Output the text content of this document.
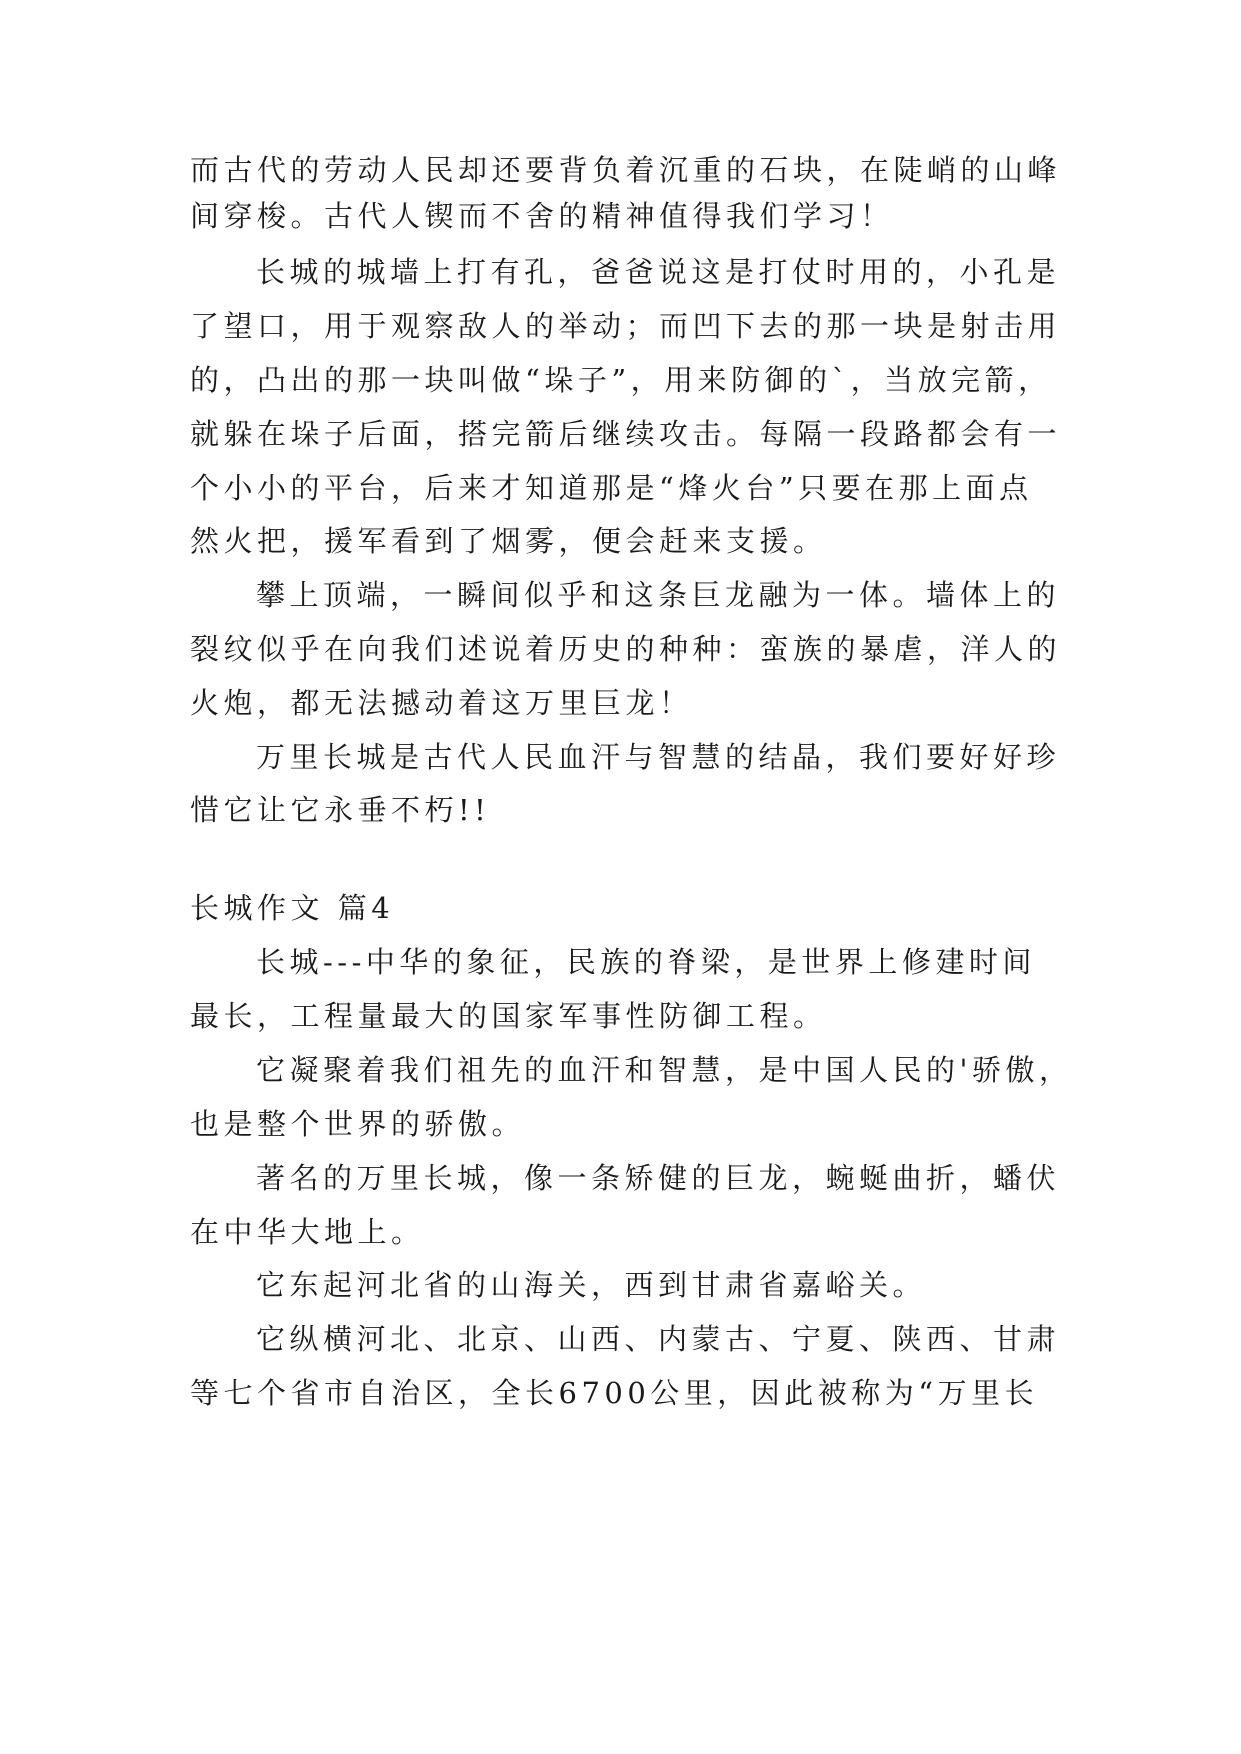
而古代的劳动人民却还要背负着沉重的石块，在陡峭的山峰

间穿梭。古代人锲而不舍的精神值得我们学习！

长城的城墙上打有孔，爸爸说这是打仗时用的，小孔是

了望口，用于观察敌人的举动；而凹下去的那一块是射击用

的，凸出的那一块叫做“垛子”，用来防御的`，当放完箭，

就躲在垛子后面，搭完箭后继续攻击。每隔一段路都会有一

个小小的平台，后来才知道那是“烽火台”只要在那上面点

然火把，援军看到了烟雾，便会赶来支援。

攀上顶端，一瞬间似乎和这条巨龙融为一体。墙体上的

裂纹似乎在向我们述说着历史的种种：蛮族的暴虐，洋人的

火炮，都无法撼动着这万里巨龙！

万里长城是古代人民血汗与智慧的结晶，我们要好好珍

惜它让它永垂不朽!!

长城作文 篇4

长城---中华的象征，民族的脊梁，是世界上修建时间

最长，工程量最大的国家军事性防御工程。

它凝聚着我们祖先的血汗和智慧，是中国人民的'骄傲，

也是整个世界的骄傲。

著名的万里长城，像一条矫健的巨龙，蜿蜒曲折，蟠伏

在中华大地上。

它东起河北省的山海关，西到甘肃省嘉峪关。

它纵横河北、北京、山西、内蒙古、宁夏、陕西、甘肃

等七个省市自治区，全长6700公里，因此被称为“万里长
